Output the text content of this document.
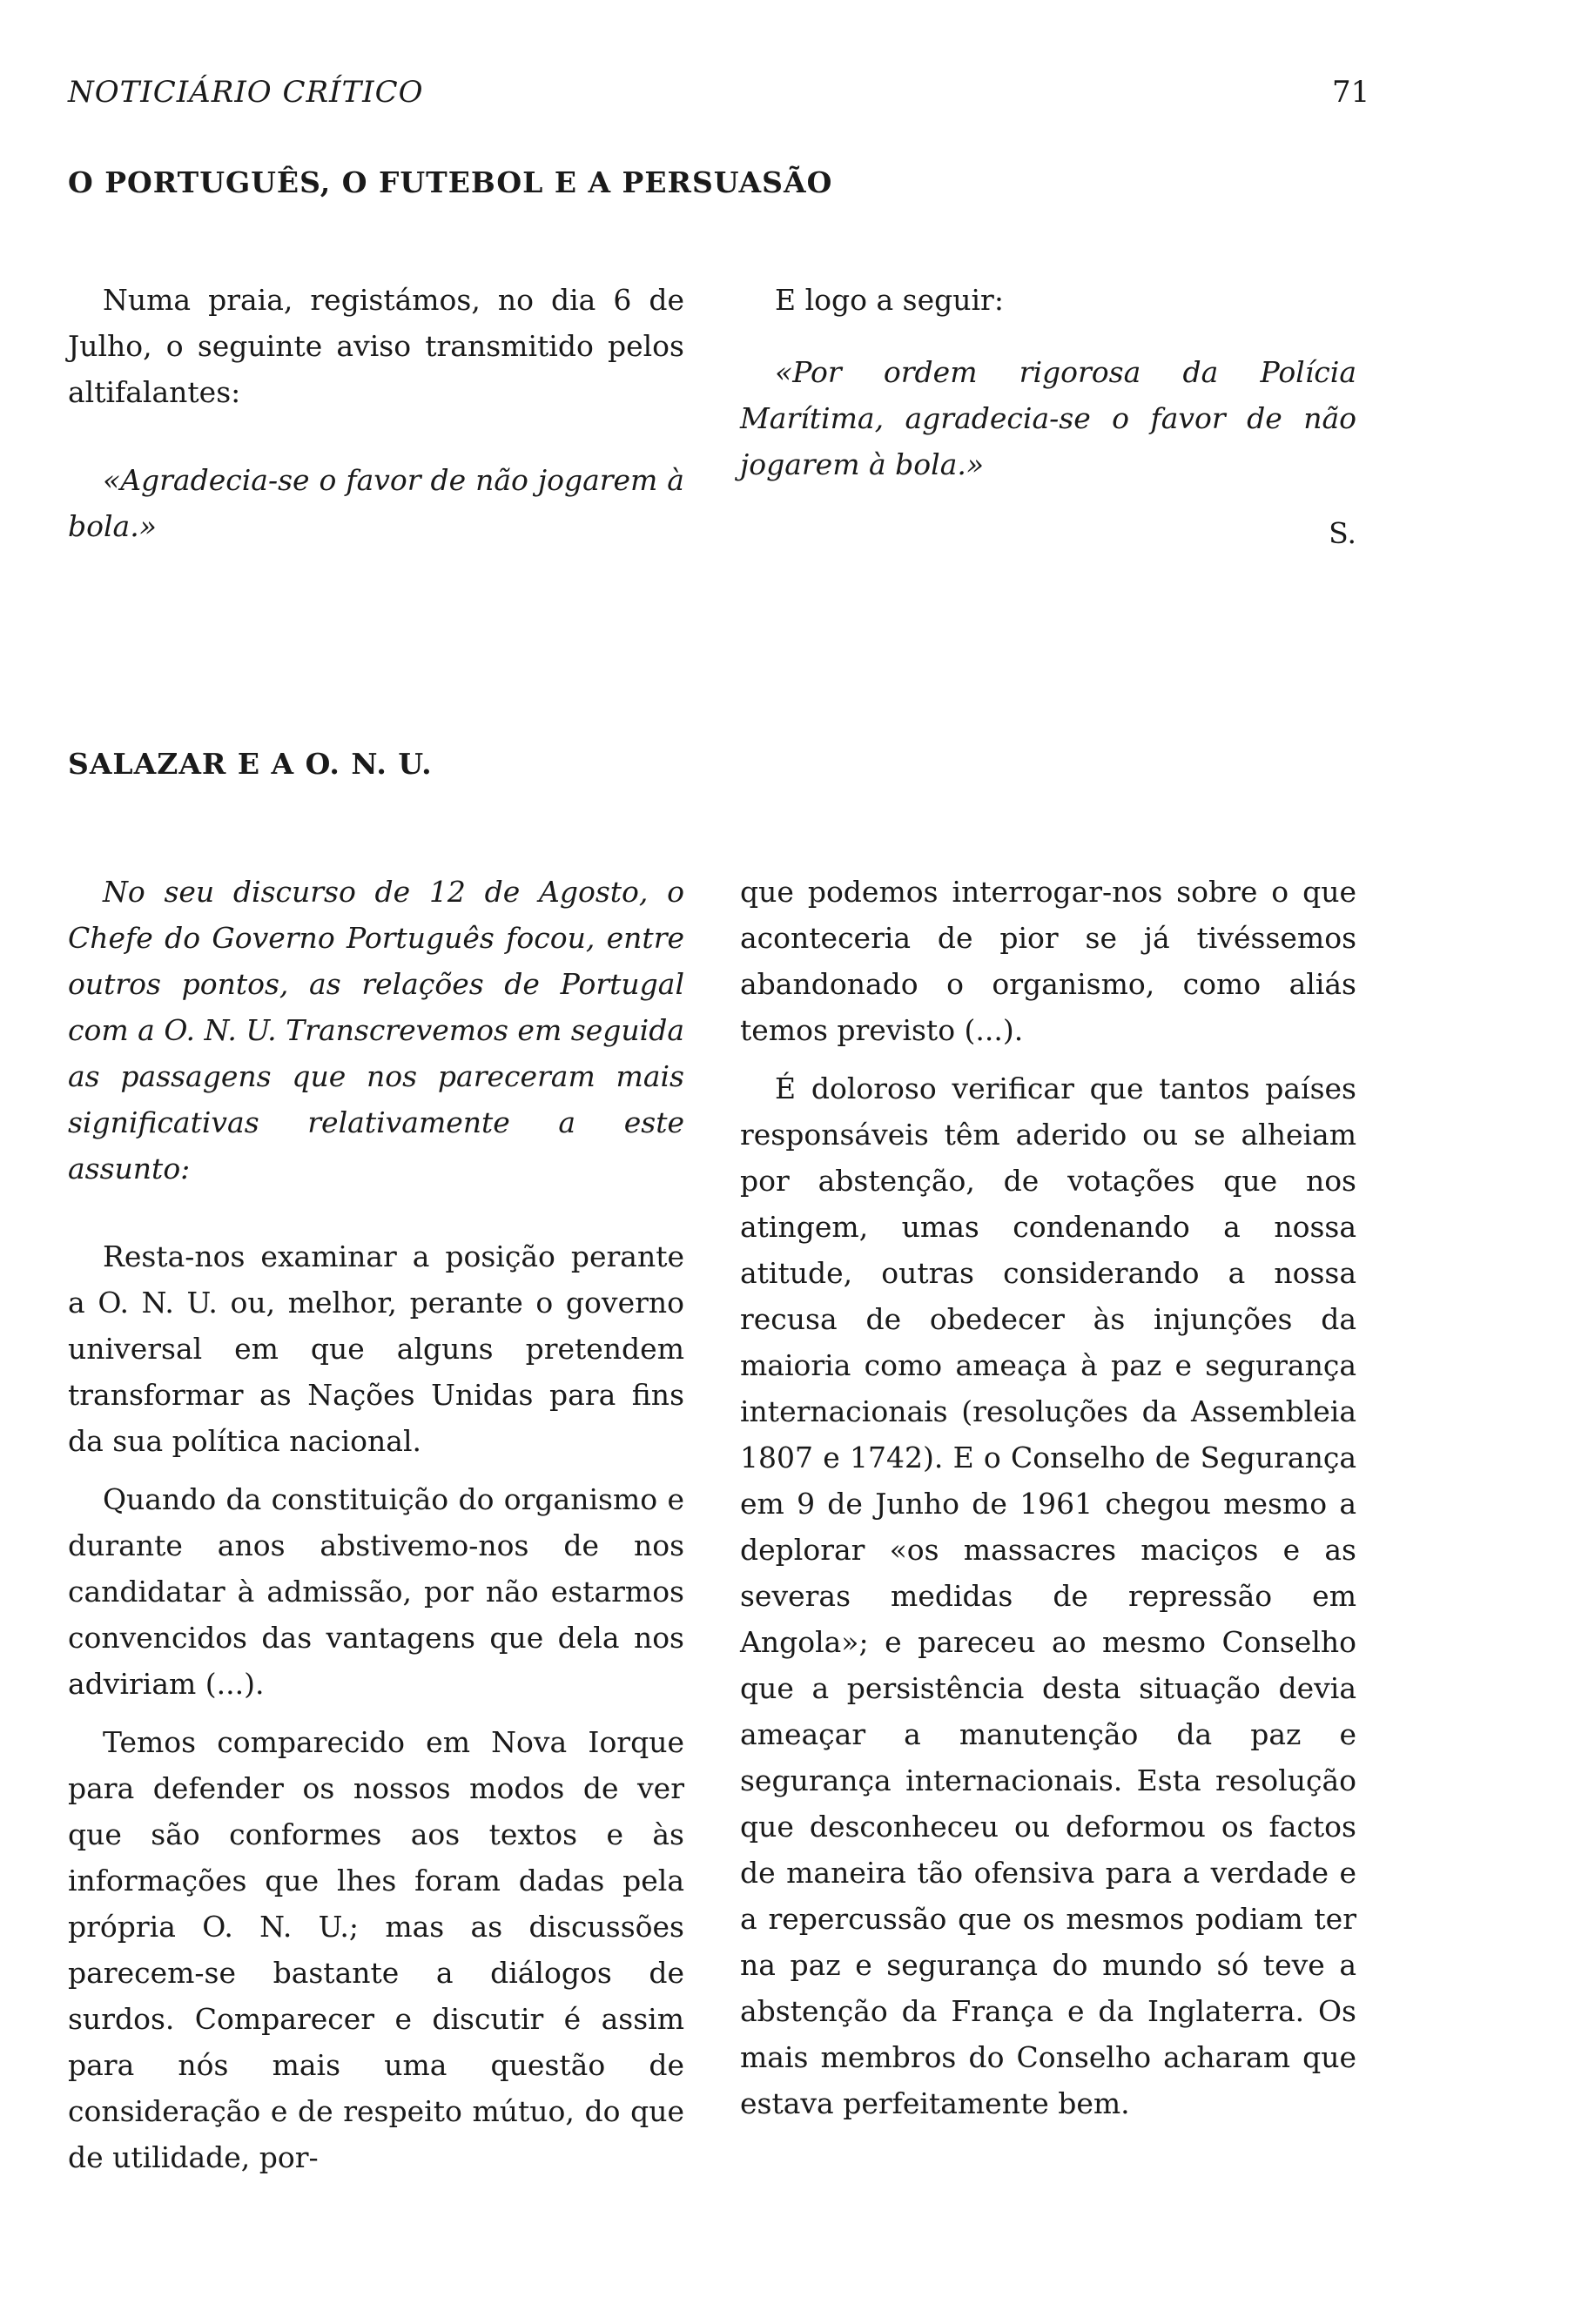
NOTICIÁRIO CRÍTICO	71
O PORTUGUÊS, O FUTEBOL E A PERSUASÃO

Numa praia, registámos, no dia 6 de Julho, o seguinte aviso transmitido pelos altifalantes:

«Agradecia-se o favor de não jogarem à bola.»

E logo a seguir:

«Por ordem rigorosa da Polícia Marítima, agradecia-se o favor de não jogarem à bola.»

S.

SALAZAR E A O. N. U.

No seu discurso de 12 de Agosto, o Chefe do Governo Português focou, entre outros pontos, as relações de Portugal com a O. N. U. Transcrevemos em seguida as passagens que nos pareceram mais significativas relativamente a este assunto:

Resta-nos examinar a posição perante a O. N. U. ou, melhor, perante o governo universal em que alguns pretendem transformar as Nações Unidas para fins da sua política nacional.

Quando da constituição do organismo e durante anos abstivemo-nos de nos candidatar à admissão, por não estarmos convencidos das vantagens que dela nos adviriam (...).

Temos comparecido em Nova Iorque para defender os nossos modos de ver que são conformes aos textos e às informações que lhes foram dadas pela própria O. N. U.; mas as discussões parecem-se bastante a diálogos de surdos. Comparecer e discutir é assim para nós mais uma questão de consideração e de respeito mútuo, do que de utilidade, por-

que podemos interrogar-nos sobre o que aconteceria de pior se já tivéssemos abandonado o organismo, como aliás temos previsto (...).

É doloroso verificar que tantos países responsáveis têm aderido ou se alheiam por abstenção, de votações que nos atingem, umas condenando a nossa atitude, outras considerando a nossa recusa de obedecer às injunções da maioria como ameaça à paz e segurança internacionais (resoluções da Assembleia 1807 e 1742). E o Conselho de Segurança em 9 de Junho de 1961 chegou mesmo a deplorar «os massacres maciços e as severas medidas de repressão em Angola»; e pareceu ao mesmo Conselho que a persistência desta situação devia ameaçar a manutenção da paz e segurança internacionais. Esta resolução que desconheceu ou deformou os factos de maneira tão ofensiva para a verdade e a repercussão que os mesmos podiam ter na paz e segurança do mundo só teve a abstenção da França e da Inglaterra. Os mais membros do Conselho acharam que estava perfeitamente bem.
